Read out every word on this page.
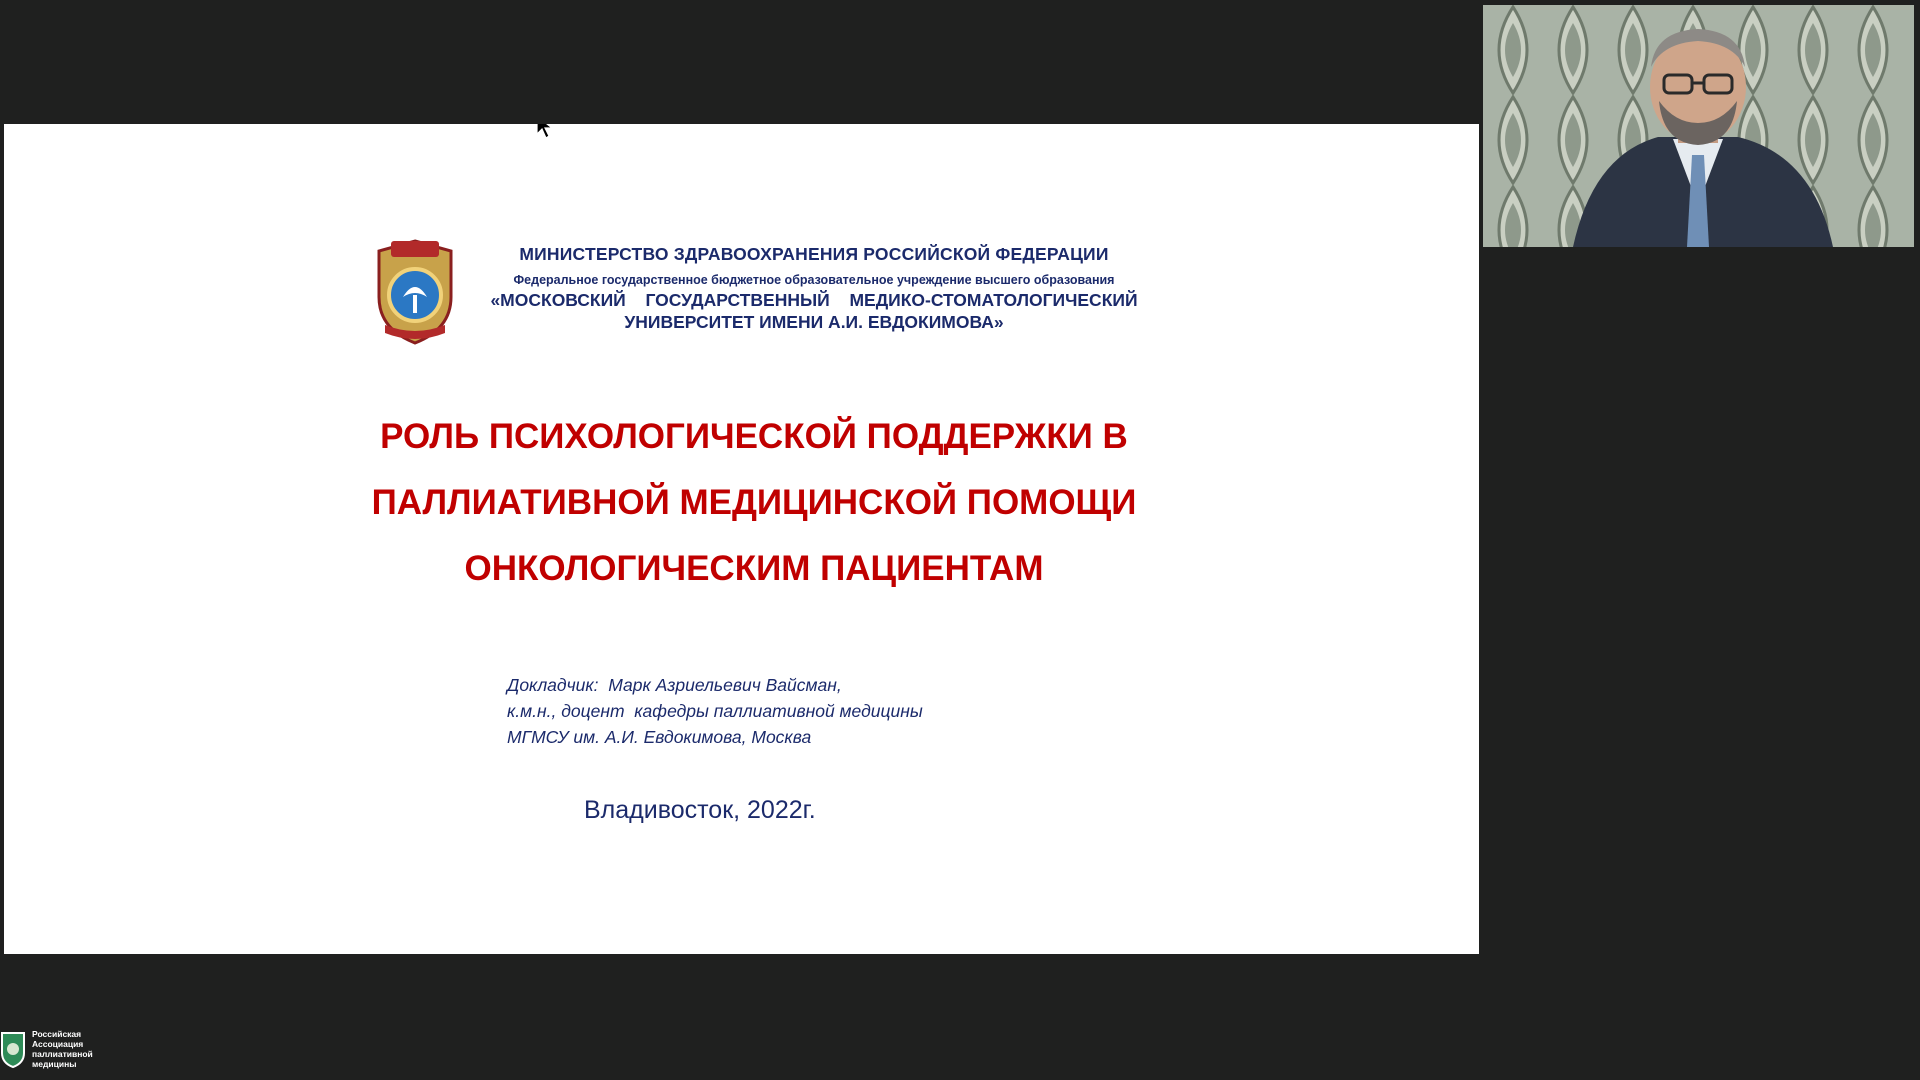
МИНИСТЕРСТВО ЗДРАВООХРАНЕНИЯ РОССИЙСКОЙ ФЕДЕРАЦИИ
Федеральное государственное бюджетное образовательное учреждение высшего образования
«МОСКОВСКИЙ  ГОСУДАРСТВЕННЫЙ  МЕДИКО-СТОМАТОЛОГИЧЕСКИЙ
УНИВЕРСИТЕТ ИМЕНИ А.И. ЕВДОКИМОВА»
РОЛЬ ПСИХОЛОГИЧЕСКОЙ ПОДДЕРЖКИ В
ПАЛЛИАТИВНОЙ МЕДИЦИНСКОЙ ПОМОЩИ
ОНКОЛОГИЧЕСКИМ ПАЦИЕНТАМ
Докладчик:  Марк Азриельевич Вайсман,
к.м.н., доцент  кафедры паллиативной медицины
МГМСУ им. А.И. Евдокимова, Москва
Владивосток, 2022г.
Российская
Ассоциация
паллиативной
медицины
